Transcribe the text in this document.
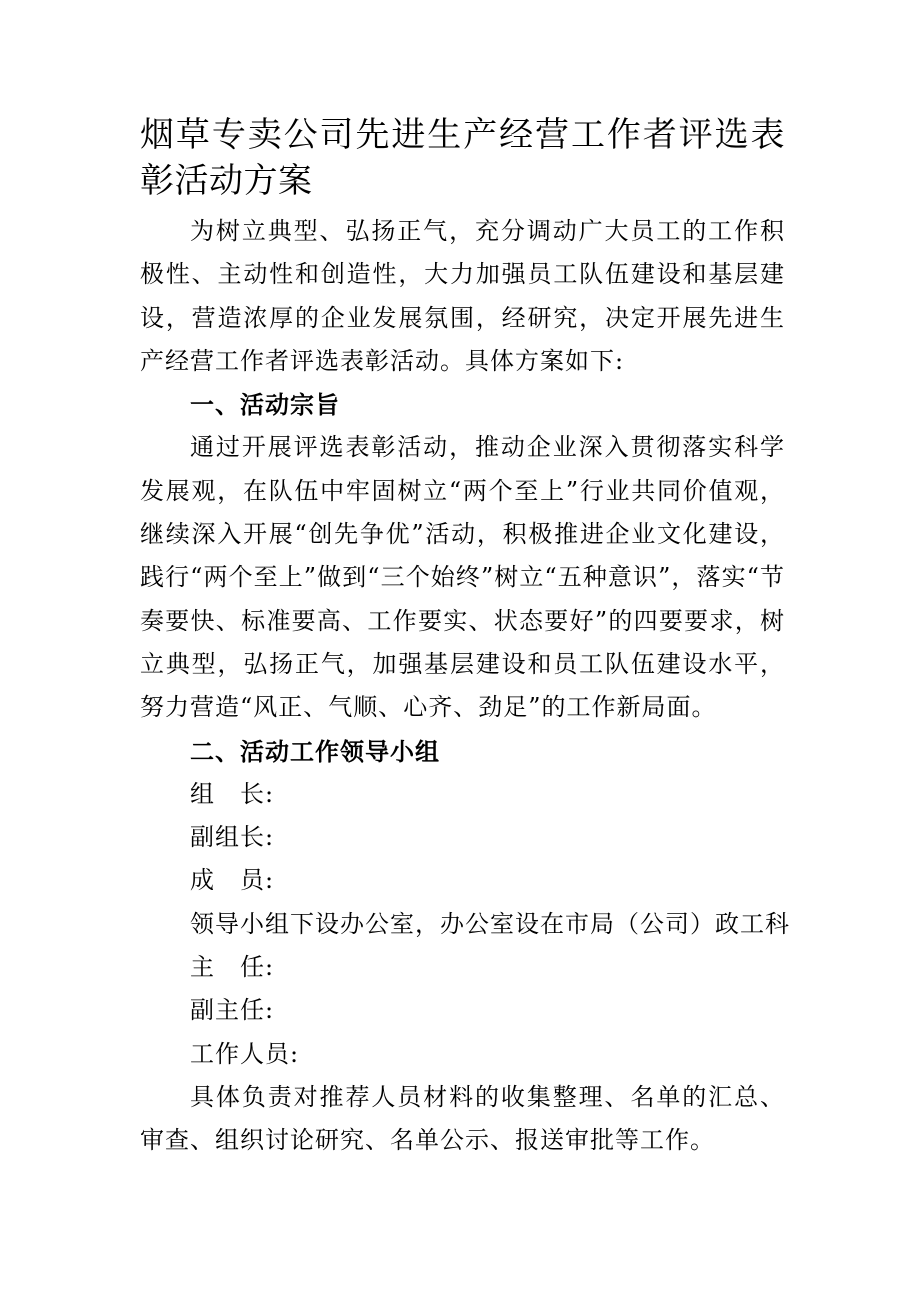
烟草专卖公司先进生产经营工作者评选表彰活动方案

为树立典型、弘扬正气，充分调动广大员工的工作积极性、主动性和创造性，大力加强员工队伍建设和基层建设，营造浓厚的企业发展氛围，经研究，决定开展先进生产经营工作者评选表彰活动。具体方案如下:

一、活动宗旨

通过开展评选表彰活动，推动企业深入贯彻落实科学发展观，在队伍中牢固树立“两个至上”行业共同价值观，继续深入开展“创先争优”活动，积极推进企业文化建设，践行“两个至上”做到“三个始终”树立“五种意识”，落实“节奏要快、标准要高、工作要实、状态要好”的四要要求，树立典型，弘扬正气，加强基层建设和员工队伍建设水平，努力营造“风正、气顺、心齐、劲足”的工作新局面。

二、活动工作领导小组

组　长:

副组长:

成　员:

领导小组下设办公室，办公室设在市局（公司）政工科

主　任:

副主任:

工作人员:

具体负责对推荐人员材料的收集整理、名单的汇总、审查、组织讨论研究、名单公示、报送审批等工作。
